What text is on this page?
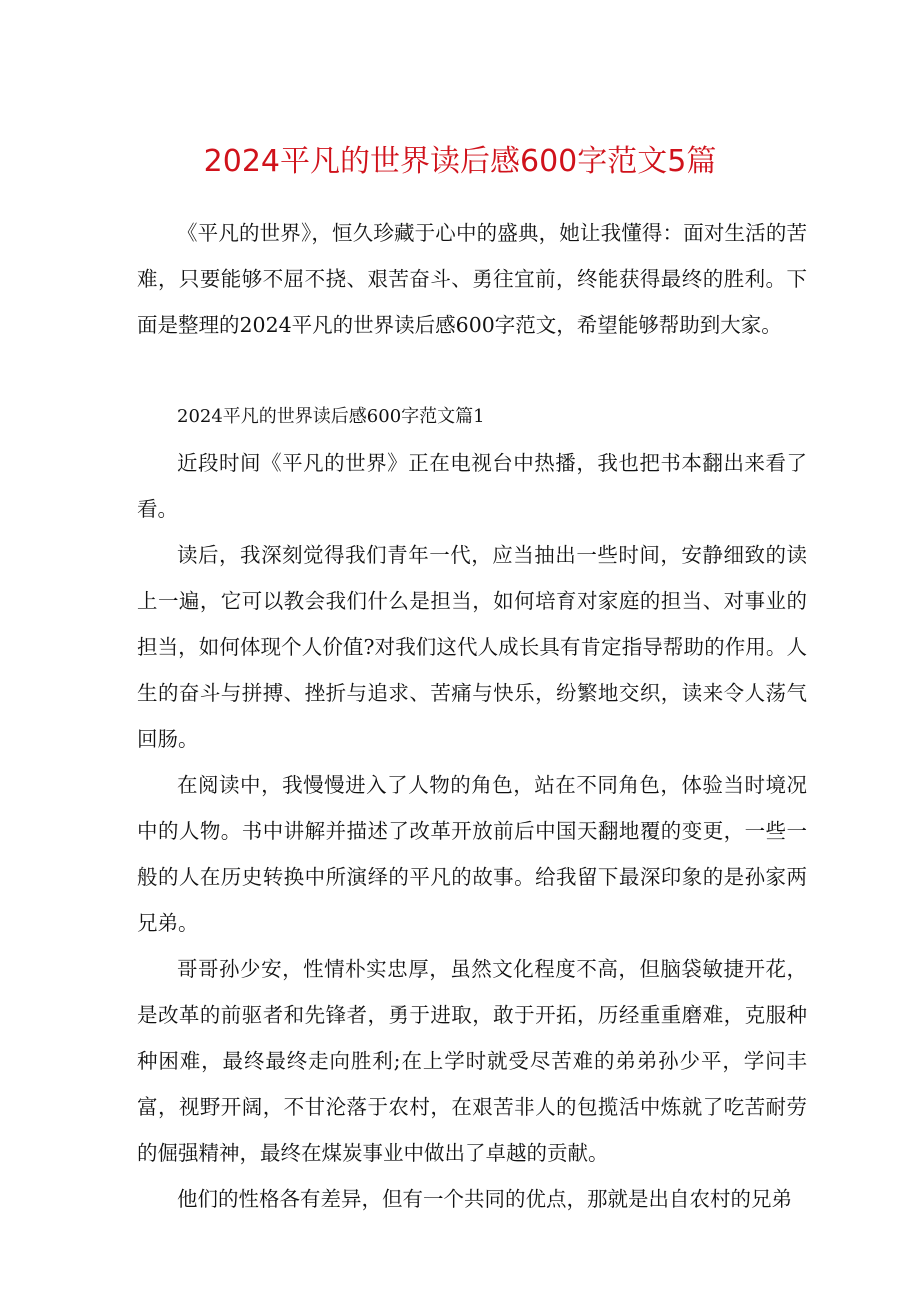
2024平凡的世界读后感600字范文5篇

《平凡的世界》，恒久珍藏于心中的盛典，她让我懂得：面对生活的苦难，只要能够不屈不挠、艰苦奋斗、勇往宜前，终能获得最终的胜利。下面是整理的2024平凡的世界读后感600字范文，希望能够帮助到大家。

2024平凡的世界读后感600字范文篇1

近段时间《平凡的世界》正在电视台中热播，我也把书本翻出来看了看。

读后，我深刻觉得我们青年一代，应当抽出一些时间，安静细致的读上一遍，它可以教会我们什么是担当，如何培育对家庭的担当、对事业的担当，如何体现个人价值?对我们这代人成长具有肯定指导帮助的作用。人生的奋斗与拼搏、挫折与追求、苦痛与快乐，纷繁地交织，读来令人荡气回肠。

在阅读中，我慢慢进入了人物的角色，站在不同角色，体验当时境况中的人物。书中讲解并描述了改革开放前后中国天翻地覆的变更，一些一般的人在历史转换中所演绎的平凡的故事。给我留下最深印象的是孙家两兄弟。

哥哥孙少安，性情朴实忠厚，虽然文化程度不高，但脑袋敏捷开花，是改革的前驱者和先锋者，勇于进取，敢于开拓，历经重重磨难，克服种种困难，最终最终走向胜利;在上学时就受尽苦难的弟弟孙少平，学问丰富，视野开阔，不甘沦落于农村，在艰苦非人的包揽活中炼就了吃苦耐劳的倔强精神，最终在煤炭事业中做出了卓越的贡献。

他们的性格各有差异，但有一个共同的优点，那就是出自农村的兄弟
